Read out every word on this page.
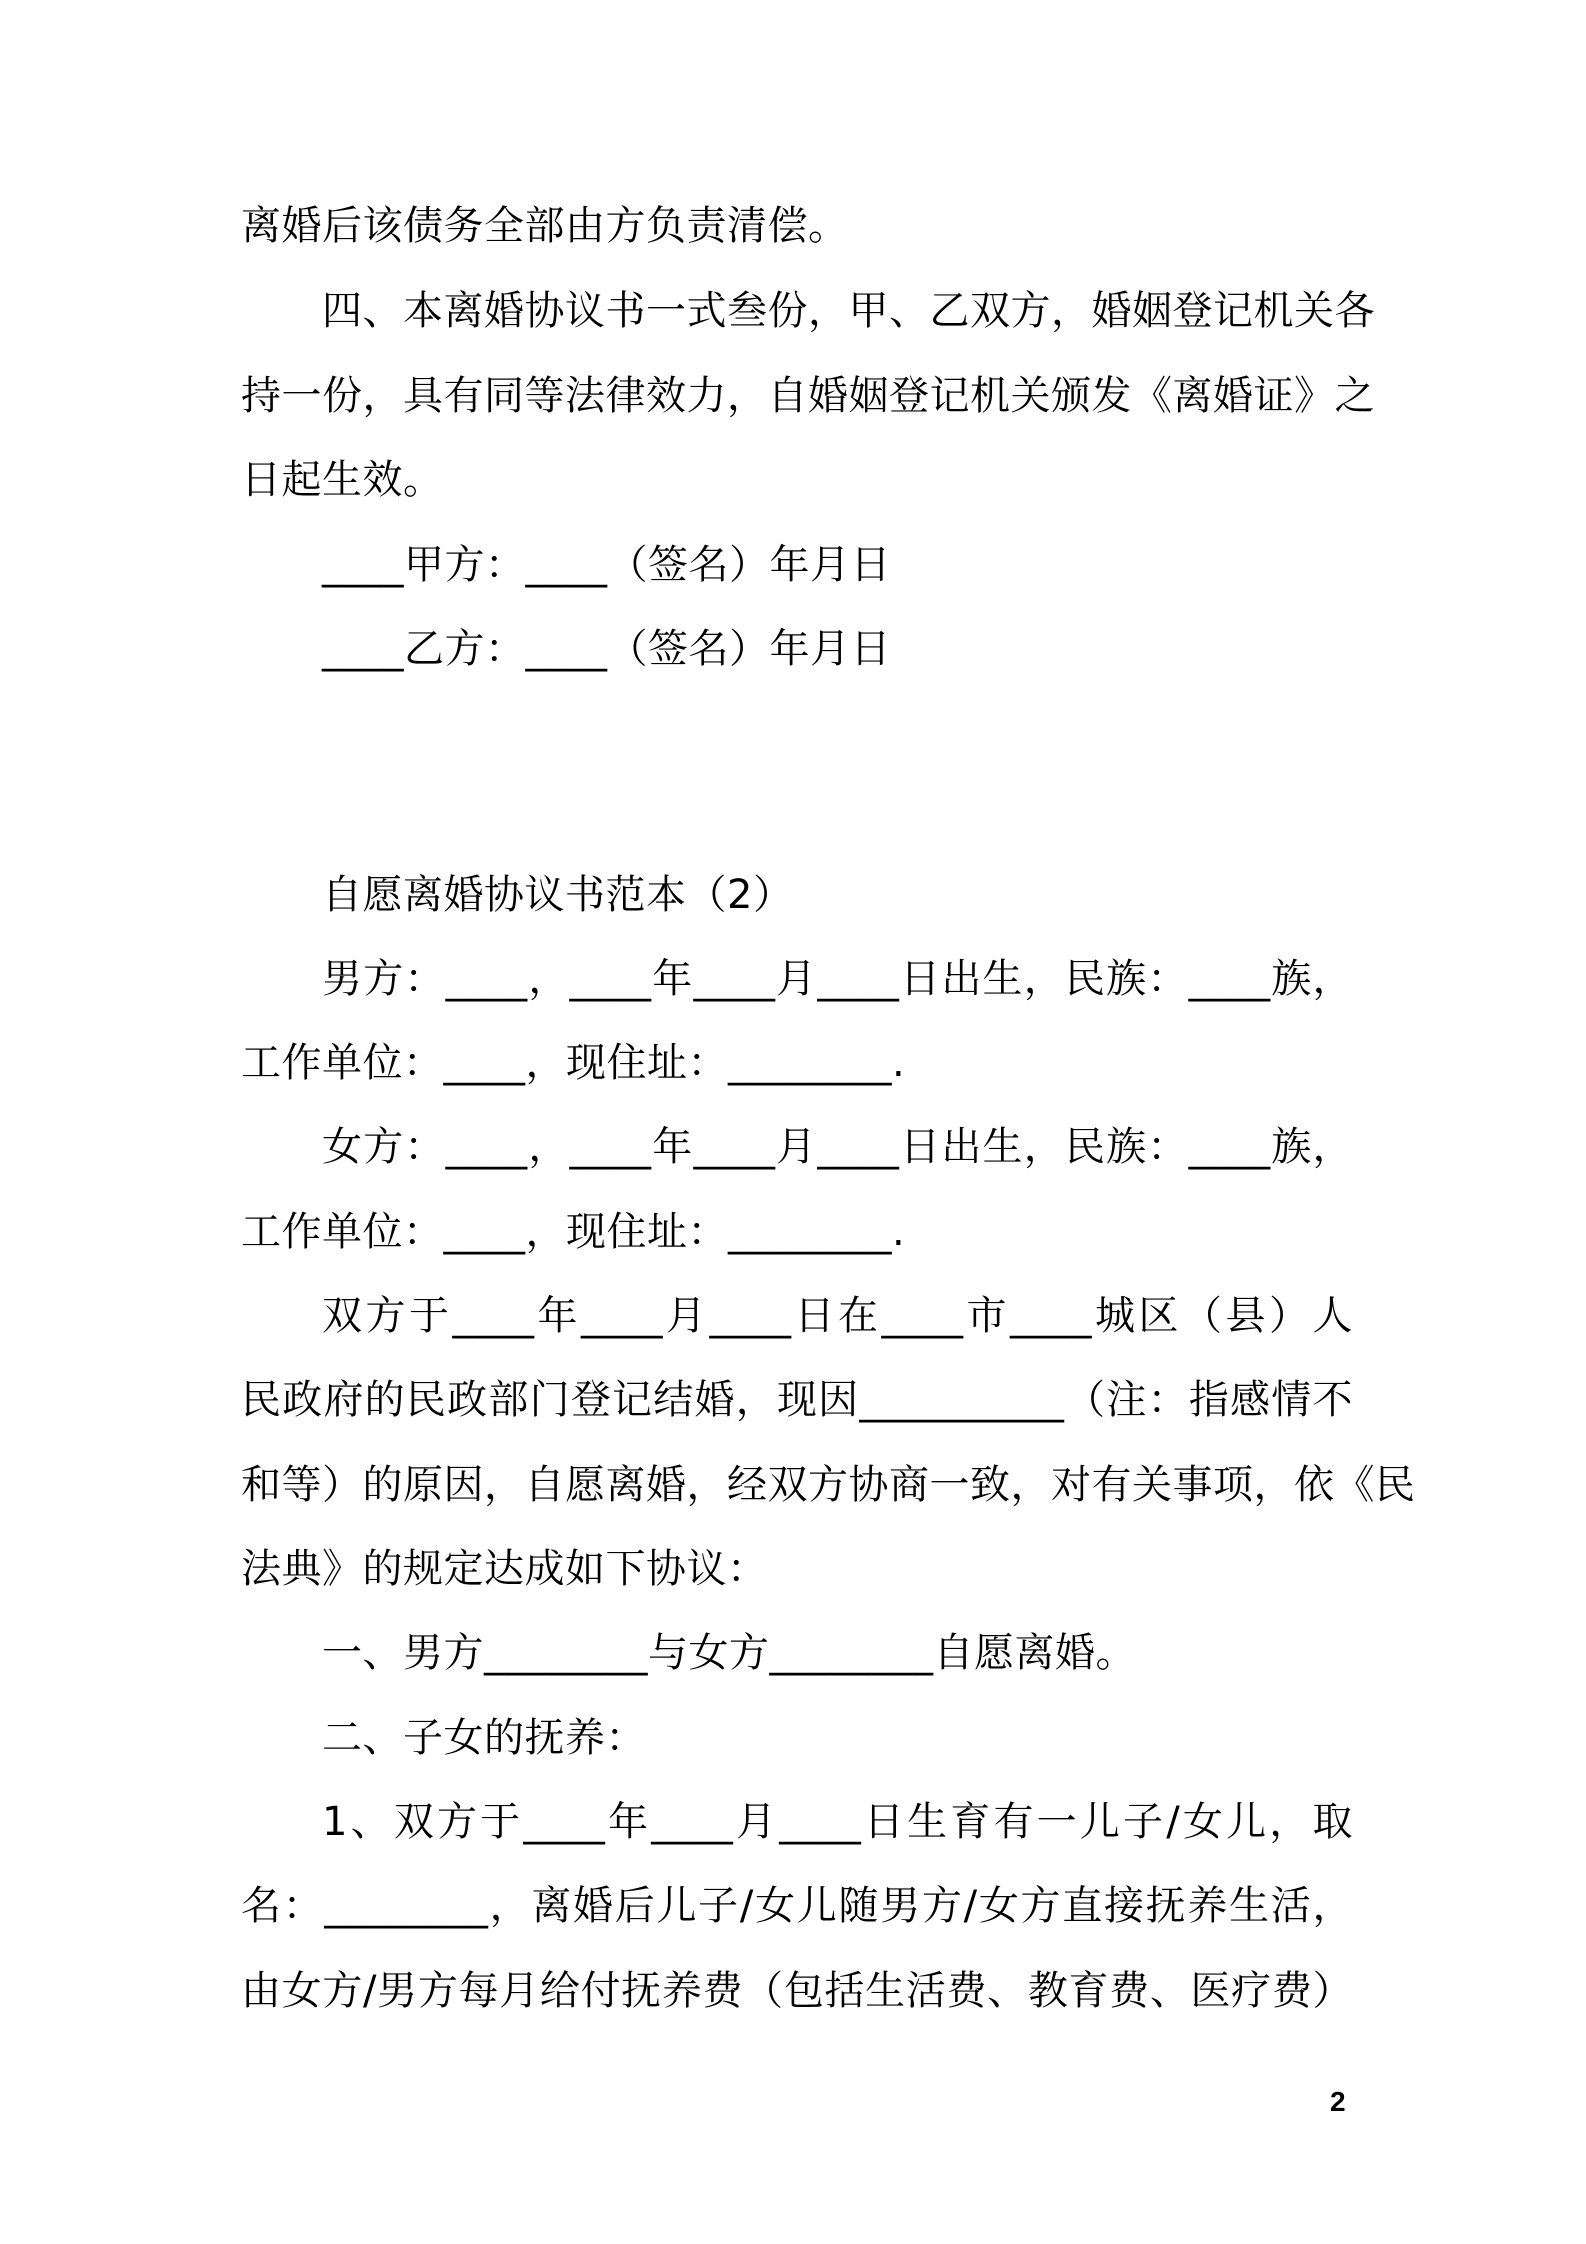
离婚后该债务全部由方负责清偿。
四、本离婚协议书一式叁份，甲、乙双方，婚姻登记机关各
持一份，具有同等法律效力，自婚姻登记机关颁发《离婚证》之
日起生效。
____甲方：____（签名）年月日
____乙方：____（签名）年月日
自愿离婚协议书范本（2）
男方：____，____年____月____日出生，民族：____族，
工作单位：____，现住址：________.
女方：____，____年____月____日出生，民族：____族，
工作单位：____，现住址：________.
双方于____年____月____日在____市____城区（县）人
民政府的民政部门登记结婚，现因__________（注：指感情不
和等）的原因，自愿离婚，经双方协商一致，对有关事项，依《民
法典》的规定达成如下协议：
一、男方________与女方________自愿离婚。
二、子女的抚养：
1、双方于____年____月____日生育有一儿子/女儿，取
名：________，离婚后儿子/女儿随男方/女方直接抚养生活，
由女方/男方每月给付抚养费（包括生活费、教育费、医疗费）
2
